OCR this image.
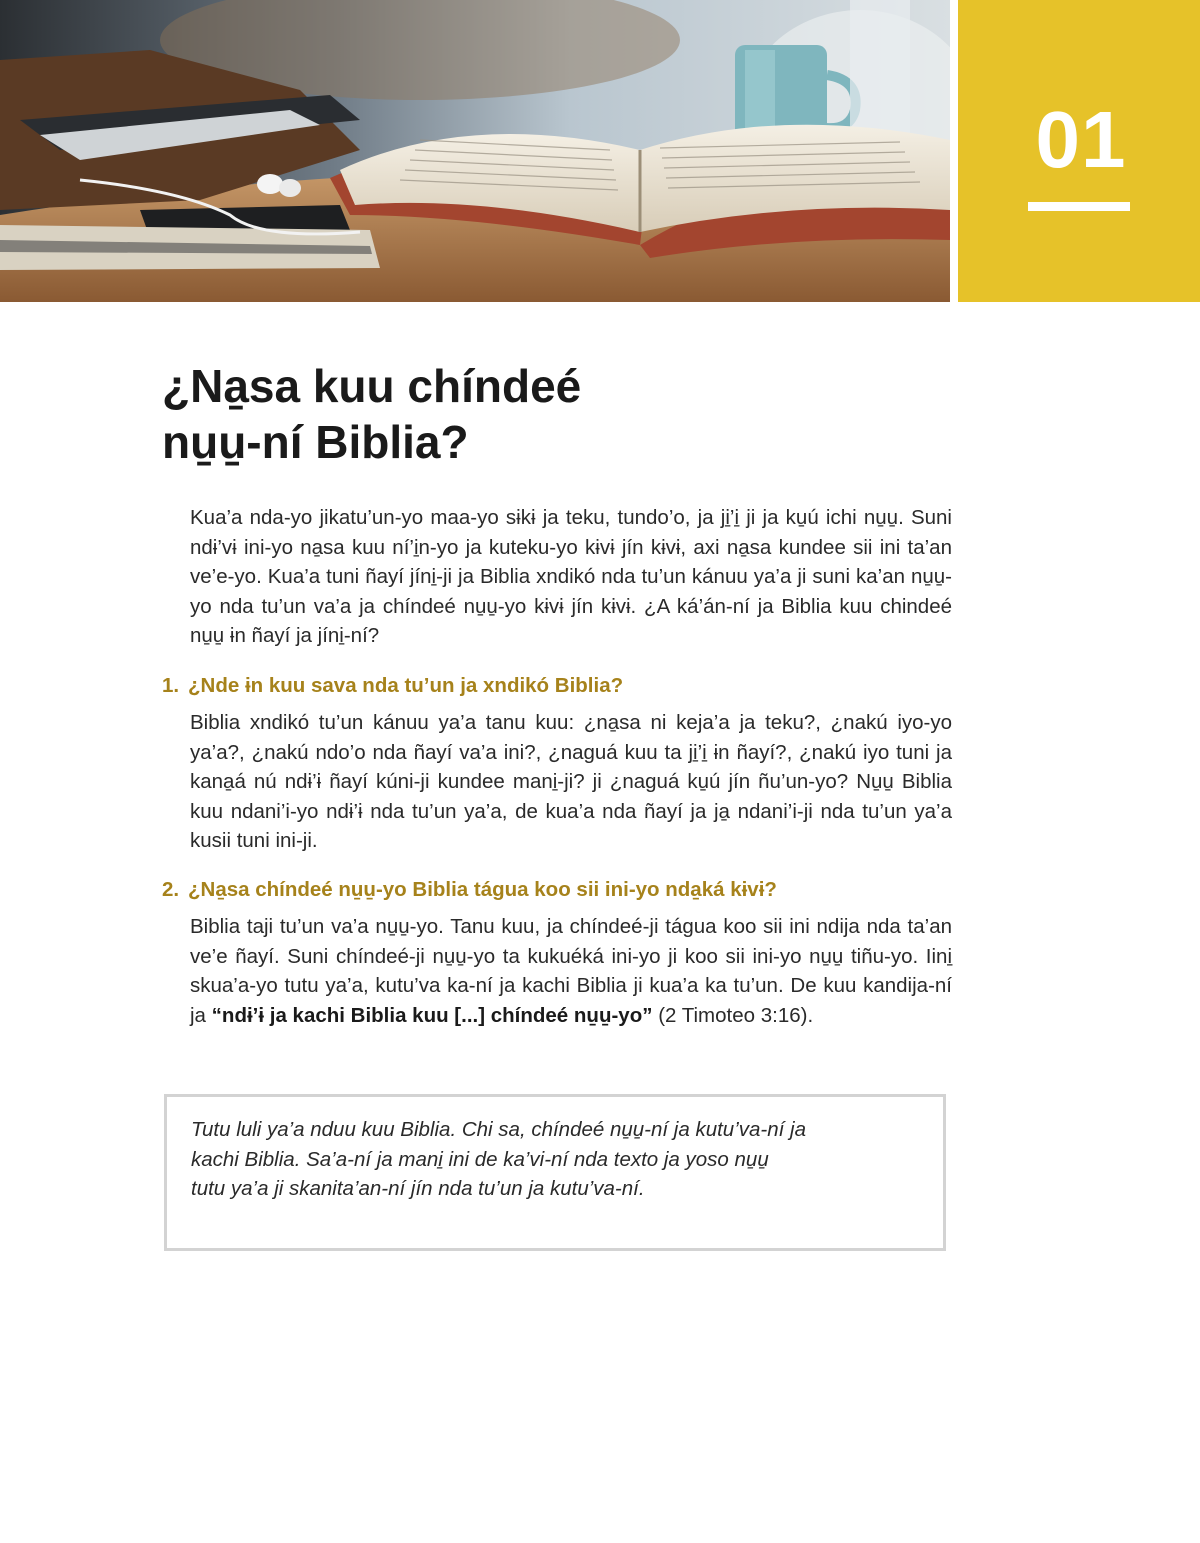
01
¿Na̱sa kuu chíndeé
nu̱u̱-ní Biblia?

Kua’a nda-yo jikatu’un-yo maa-yo sɨkɨ ja teku, tundo’o, ja ji̱’i̱ ji ja ku̱ú ichi nu̱u̱. Suni ndɨ’vɨ ini-yo na̱sa kuu ní’i̱n-yo ja kuteku-yo kɨvɨ jín kɨvɨ, axi na̱sa kundee sii ini ta’an ve’e-yo. Kua’a tuni ñayí jíni̱-ji ja Biblia xndikó nda tu’un kánuu ya’a ji suni ka’an nu̱u̱-yo nda tu’un va’a ja chíndeé nu̱u̱-yo kɨvɨ jín kɨvɨ. ¿A ká’án-ní ja Biblia kuu chindeé nu̱u̱ ɨn ñayí ja jíni̱-ní?

1. ¿Nde ɨn kuu sava nda tu’un ja xndikó Biblia?

Biblia xndikó tu’un kánuu ya’a tanu kuu: ¿na̱sa ni keja’a ja teku?, ¿nakú iyo-yo ya’a?, ¿nakú ndo’o nda ñayí va’a ini?, ¿naguá kuu ta ji̱’i̱ ɨn ñayí?, ¿nakú iyo tuni ja kana̱á nú ndɨ’ɨ ñayí kúni-ji kundee mani̱-ji? ji ¿naguá ku̱ú jín ñu’un-yo? Nu̱u̱ Biblia kuu ndani’i-yo ndɨ’ɨ nda tu’un ya’a, de kua’a nda ñayí ja ja̱ ndani’i-ji nda tu’un ya’a kusii tuni ini-ji.

2. ¿Na̱sa chíndeé nu̱u̱-yo Biblia tágua koo sii ini-yo nda̱ká kɨvɨ?

Biblia taji tu’un va’a nu̱u̱-yo. Tanu kuu, ja chíndeé-ji tágua koo sii ini ndija nda ta’an ve’e ñayí. Suni chíndeé-ji nu̱u̱-yo ta kukuéká ini-yo ji koo sii ini-yo nu̱u̱ tiñu-yo. Iini̱ skua’a-yo tutu ya’a, kutu’va ka-ní ja kachi Biblia ji kua’a ka tu’un. De kuu kandija-ní ja “ndɨ’ɨ ja kachi Biblia kuu [...] chíndeé nu̱u̱-yo” (2 Timoteo 3:16).

Tutu luli ya’a nduu kuu Biblia. Chi sa, chíndeé nu̱u̱-ní ja kutu’va-ní ja
kachi Biblia. Sa’a-ní ja mani̱ ini de ka’vi-ní nda texto ja yoso nu̱u̱
tutu ya’a ji skanita’an-ní jín nda tu’un ja kutu’va-ní.
